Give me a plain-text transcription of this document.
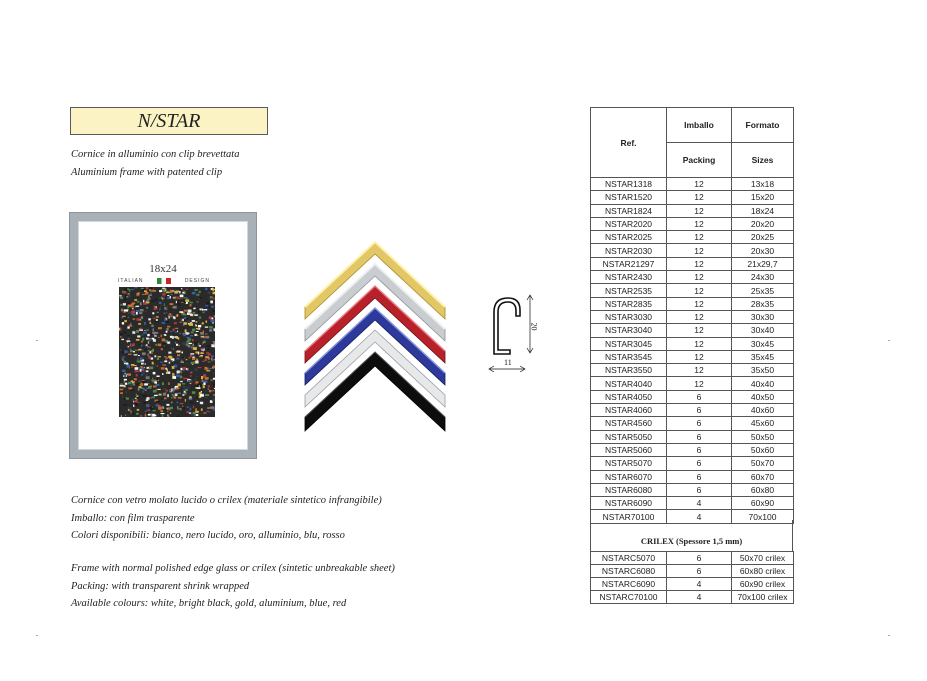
N/STAR
Cornice in alluminio con clip brevettata
Aluminium frame with patented clip
18x24
ITALIAN	DESIGN
20
11
Cornice con vetro molato lucido o crilex (materiale sintetico infrangibile)
Imballo: con film trasparente
Colori disponibili: bianco, nero lucido, oro, alluminio, blu, rosso
Frame with normal polished edge glass or crilex (sintetic unbreakable sheet)
Packing: with transparent shrink wrapped
Available colours: white, bright black, gold, aluminium, blue, red
Ref.	Imballo	Formato
	Packing	Sizes
NSTAR1318	12	13x18
NSTAR1520	12	15x20
NSTAR1824	12	18x24
NSTAR2020	12	20x20
NSTAR2025	12	20x25
NSTAR2030	12	20x30
NSTAR21297	12	21x29,7
NSTAR2430	12	24x30
NSTAR2535	12	25x35
NSTAR2835	12	28x35
NSTAR3030	12	30x30
NSTAR3040	12	30x40
NSTAR3045	12	30x45
NSTAR3545	12	35x45
NSTAR3550	12	35x50
NSTAR4040	12	40x40
NSTAR4050	6	40x50
NSTAR4060	6	40x60
NSTAR4560	6	45x60
NSTAR5050	6	50x50
NSTAR5060	6	50x60
NSTAR5070	6	50x70
NSTAR6070	6	60x70
NSTAR6080	6	60x80
NSTAR6090	4	60x90
NSTAR70100	4	70x100
CRILEX (Spessore 1,5 mm)
NSTARC5070	6	50x70 crilex
NSTARC6080	6	60x80 crilex
NSTARC6090	4	60x90 crilex
NSTARC70100	4	70x100 crilex
